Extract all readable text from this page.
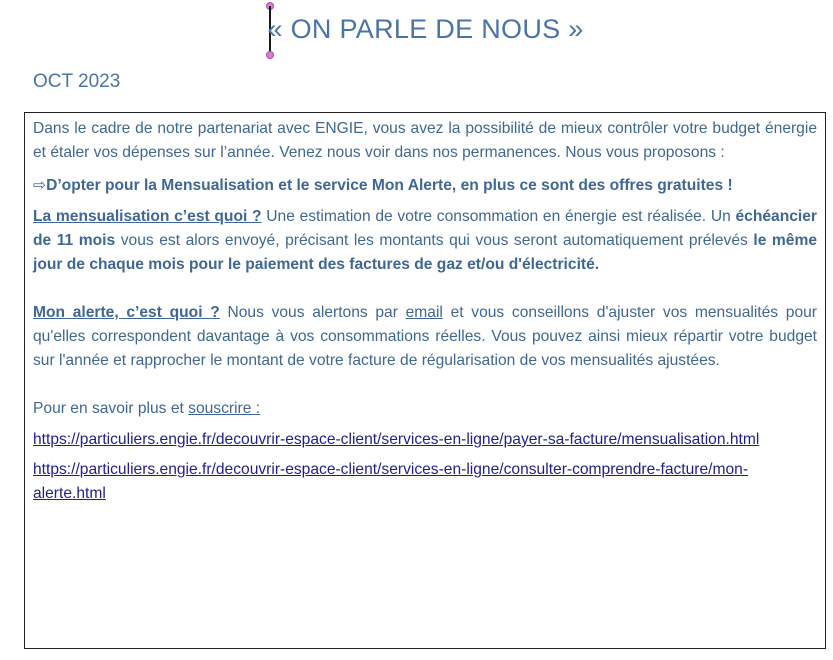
« ON PARLE DE NOUS »
OCT 2023

Dans le cadre de notre partenariat avec ENGIE, vous avez la possibilité de mieux contrôler votre budget énergie et étaler vos dépenses sur l’année. Venez nous voir dans nos permanences. Nous vous proposons :

⇨D’opter pour la Mensualisation et le service Mon Alerte, en plus ce sont des offres gratuites !

La mensualisation c’est quoi ? Une estimation de votre consommation en énergie est réalisée. Un échéancier de 11 mois vous est alors envoyé, précisant les montants qui vous seront automatiquement prélevés le même jour de chaque mois pour le paiement des factures de gaz et/ou d'électricité.

Mon alerte, c’est quoi ? Nous vous alertons par email et vous conseillons d'ajuster vos mensualités pour qu'elles correspondent davantage à vos consommations réelles. Vous pouvez ainsi mieux répartir votre budget sur l'année et rapprocher le montant de votre facture de régularisation de vos mensualités ajustées.

Pour en savoir plus et souscrire :

https://particuliers.engie.fr/decouvrir-espace-client/services-en-ligne/payer-sa-facture/mensualisation.html

https://particuliers.engie.fr/decouvrir-espace-client/services-en-ligne/consulter-comprendre-facture/mon-alerte.html
